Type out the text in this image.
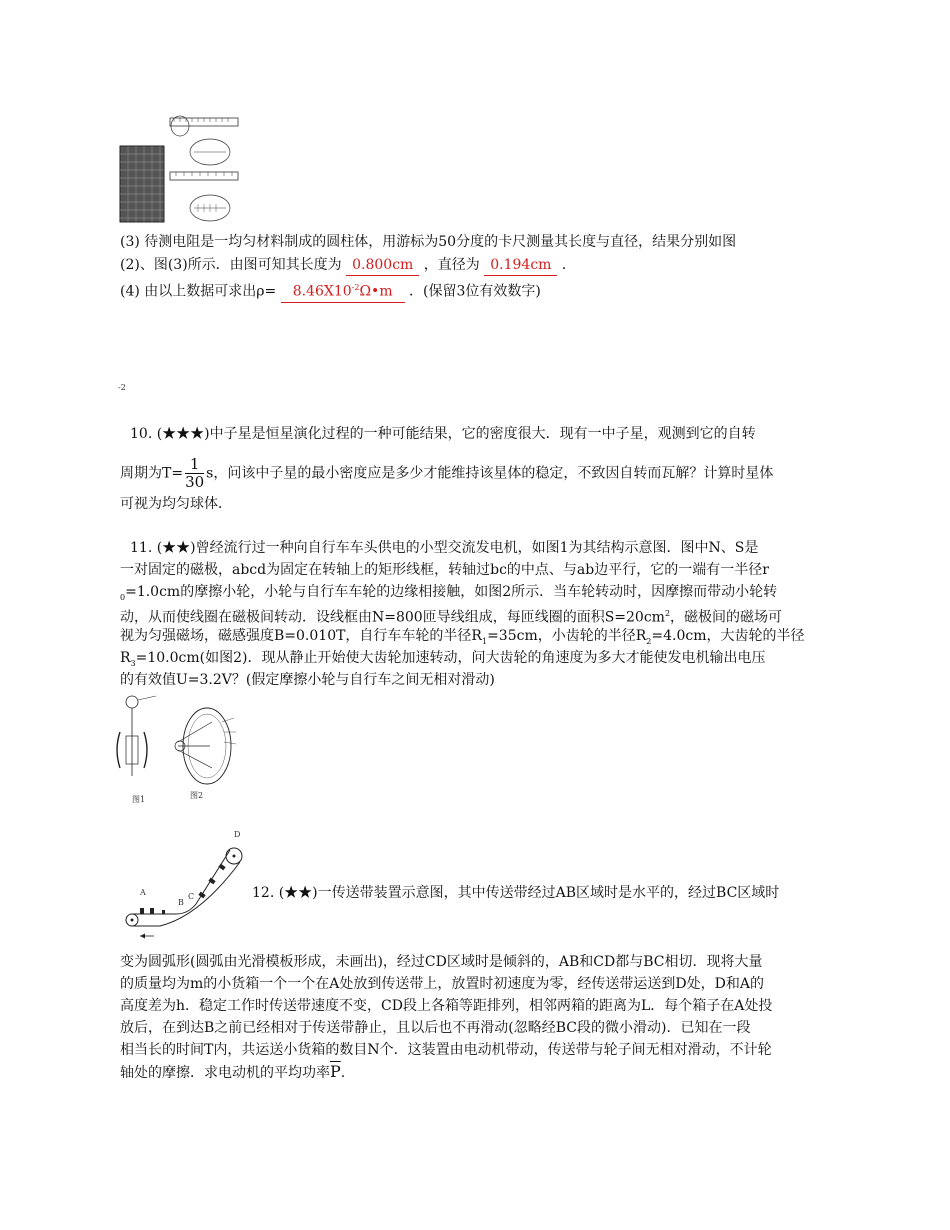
(3) 待测电阻是一均匀材料制成的圆柱体，用游标为50分度的卡尺测量其长度与直径，结果分别如图
(2)、图(3)所示．由图可知其长度为 0.800cm ，直径为 0.194cm ．
(4) 由以上数据可求出$\rho= 8.46X10^{-2}\Omega•m$ ．(保留3位有效数字)
-2
10. (★★★)中子星是恒星演化过程的一种可能结果，它的密度很大．现有一中子星，观测到它的自转
周期为$T= \frac{1}{30}$ s，问该中子星的最小密度应是多少才能维持该星体的稳定，不致因自转而瓦解？计算时星体
可视为均匀球体．
11. (★★)曾经流行过一种向自行车车头供电的小型交流发电机，如图1为其结构示意图．图中N、S是
一对固定的磁极，abcd为固定在转轴上的矩形线框，转轴过bc的中点、与ab边平行，它的一端有一半径r
$_0$=1.0cm的摩擦小轮，小轮与自行车车轮的边缘相接触，如图2所示．当车轮转动时，因摩擦而带动小轮转
动，从而使线圈在磁极间转动．设线框由N=800匝导线组成，每匝线圈的面积$S=20cm^2$，磁极间的磁场可
视为匀强磁场，磁感强度B=0.010T，自行车车轮的半径$R_1=35cm$，小齿轮的半径$R_2=4.0cm$，大齿轮的半径
$R_3=10.0cm$(如图2)．现从静止开始使大齿轮加速转动，问大齿轮的角速度为多大才能使发电机输出电压
的有效值U=3.2V？(假定摩擦小轮与自行车之间无相对滑动)
图1	图2
A
B
C
D
12. (★★)一传送带装置示意图，其中传送带经过AB区域时是水平的，经过BC区域时
变为圆弧形(圆弧由光滑模板形成，未画出)，经过CD区域时是倾斜的，AB和CD都与BC相切．现将大量
的质量均为m的小货箱一个一个在A处放到传送带上，放置时初速度为零，经传送带运送到D处，D和A的
高度差为h．稳定工作时传送带速度不变，CD段上各箱等距排列，相邻两箱的距离为L．每个箱子在A处投
放后，在到达B之前已经相对于传送带静止，且以后也不再滑动(忽略经BC段的微小滑动)．已知在一段
相当长的时间T内，共运送小货箱的数目N个．这装置由电动机带动，传送带与轮子间无相对滑动，不计轮
轴处的摩擦．求电动机的平均功率$\overline{P}$.
